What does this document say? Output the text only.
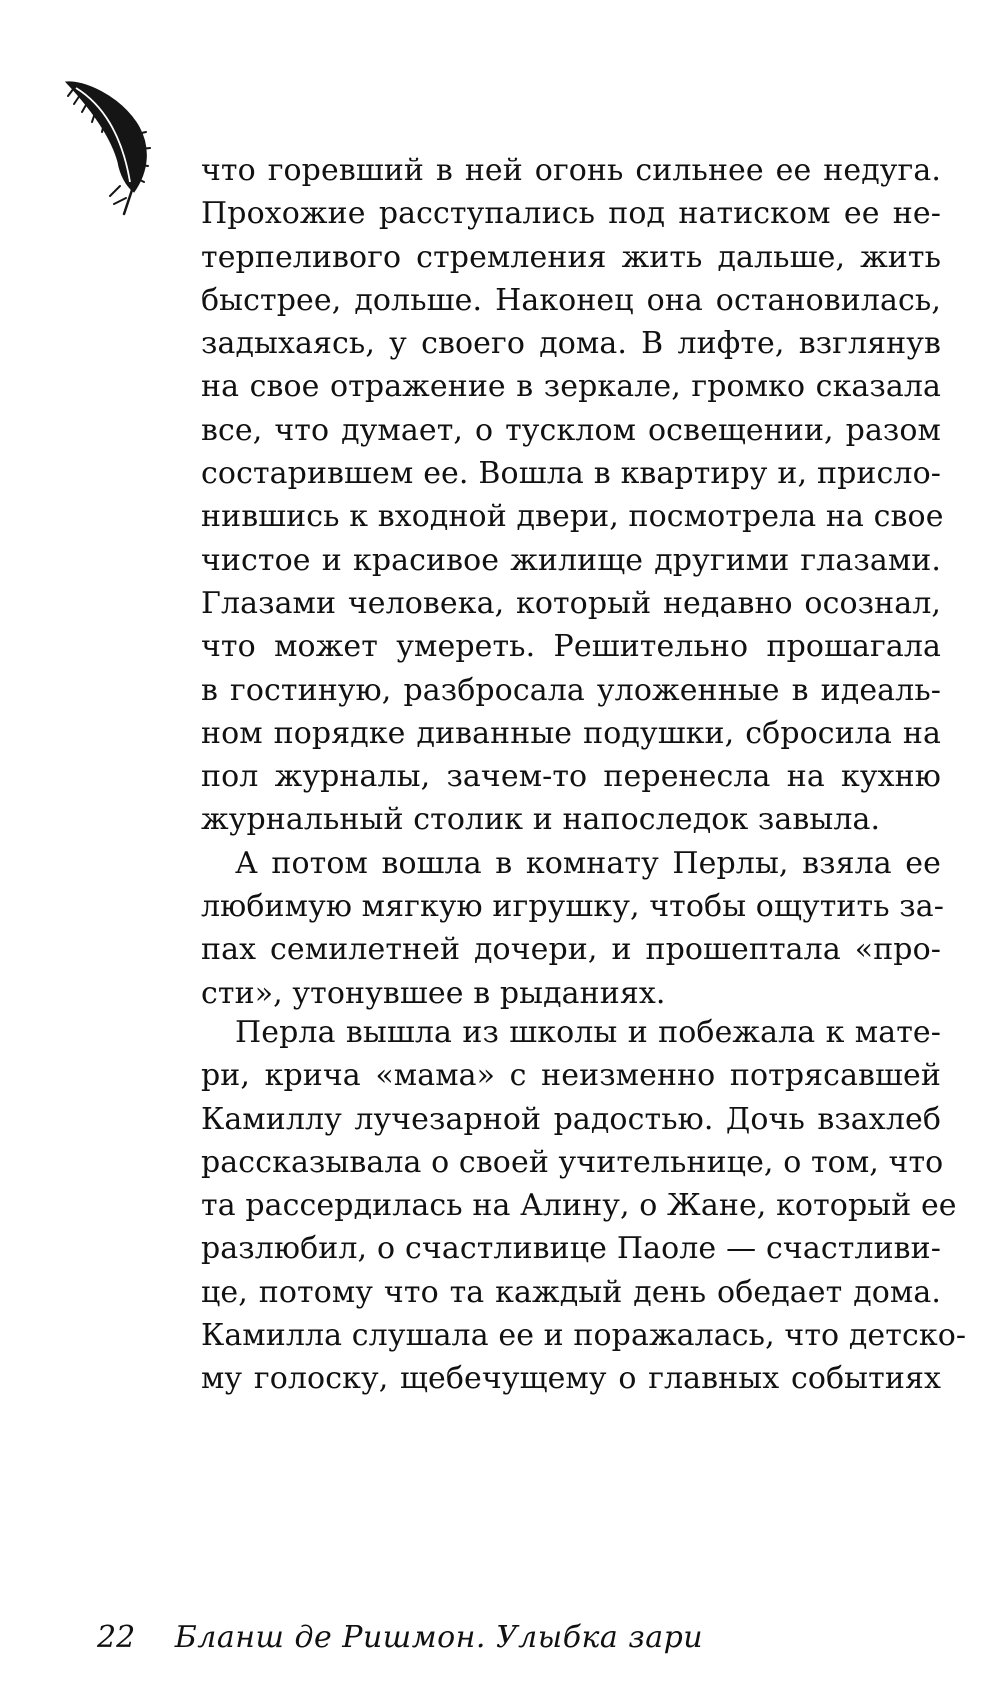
что горевший в ней огонь сильнее ее недуга.
Прохожие расступались под натиском ее не-
терпеливого стремления жить дальше, жить
быстрее, дольше. Наконец она остановилась,
задыхаясь, у своего дома. В лифте, взглянув
на свое отражение в зеркале, громко сказала
все, что думает, о тусклом освещении, разом
состарившем ее. Вошла в квартиру и, присло-
нившись к входной двери, посмотрела на свое
чистое и красивое жилище другими глазами.
Глазами человека, который недавно осознал,
что может умереть. Решительно прошагала
в гостиную, разбросала уложенные в идеаль-
ном порядке диванные подушки, сбросила на
пол журналы, зачем-то перенесла на кухню
журнальный столик и напоследок завыла.
А потом вошла в комнату Перлы, взяла ее
любимую мягкую игрушку, чтобы ощутить за-
пах семилетней дочери, и прошептала «про-
сти», утонувшее в рыданиях.
Перла вышла из школы и побежала к мате-
ри, крича «мама» с неизменно потрясавшей
Камиллу лучезарной радостью. Дочь взахлеб
рассказывала о своей учительнице, о том, что
та рассердилась на Алину, о Жане, который ее
разлюбил, о счастливице Паоле — счастливи-
це, потому что та каждый день обедает дома.
Камилла слушала ее и поражалась, что детско-
му голоску, щебечущему о главных событиях
22 Бланш де Ришмон. Улыбка зари
